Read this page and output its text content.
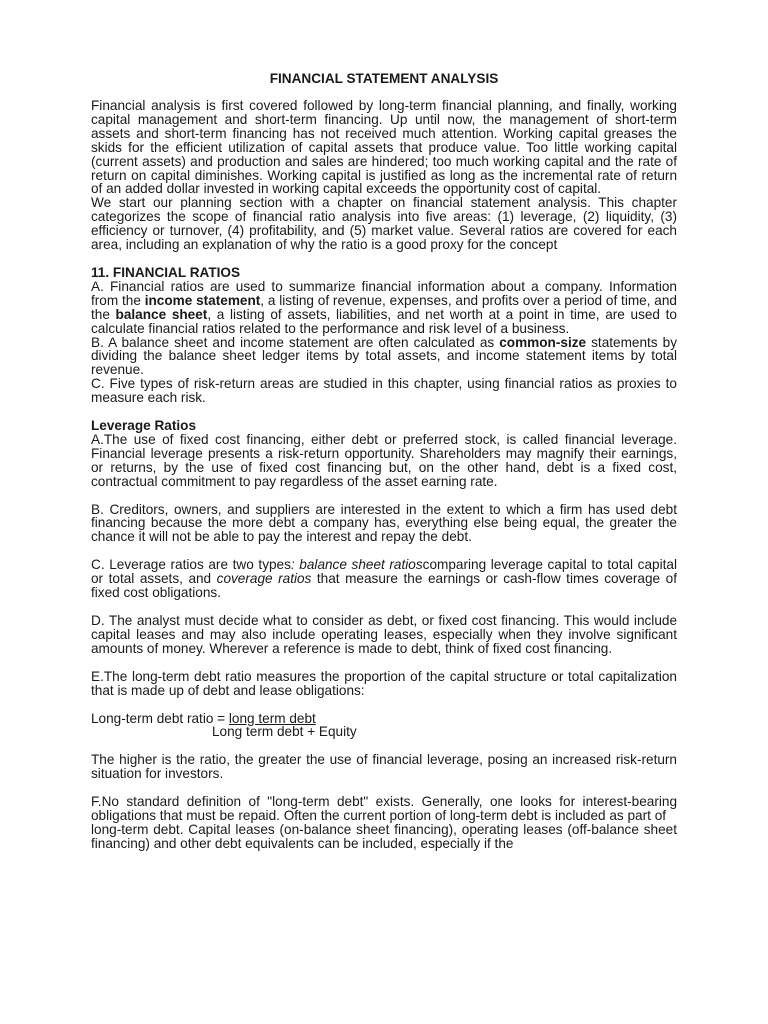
FINANCIAL STATEMENT ANALYSIS

Financial analysis is first covered followed by long-term financial planning, and finally, working capital management and short-term financing. Up until now, the management of short-term assets and short-term financing has not received much attention. Working capital greases the skids for the efficient utilization of capital assets that produce value. Too little working capital (current assets) and production and sales are hindered; too much working capital and the rate of return on capital diminishes. Working capital is justified as long as the incremental rate of return of an added dollar invested in working capital exceeds the opportunity cost of capital.

We start our planning section with a chapter on financial statement analysis. This chapter categorizes the scope of financial ratio analysis into five areas: (1) leverage, (2) liquidity, (3) efficiency or turnover, (4) profitability, and (5) market value. Several ratios are covered for each area, including an explanation of why the ratio is a good proxy for the concept

11. FINANCIAL RATIOS

A. Financial ratios are used to summarize financial information about a company. Information from the income statement, a listing of revenue, expenses, and profits over a period of time, and the balance sheet, a listing of assets, liabilities, and net worth at a point in time, are used to calculate financial ratios related to the performance and risk level of a business.

B. A balance sheet and income statement are often calculated as common-size statements by dividing the balance sheet ledger items by total assets, and income statement items by total revenue.

C. Five types of risk-return areas are studied in this chapter, using financial ratios as proxies to measure each risk.

Leverage Ratios

A.The use of fixed cost financing, either debt or preferred stock, is called financial leverage. Financial leverage presents a risk-return opportunity. Shareholders may magnify their earnings, or returns, by the use of fixed cost financing but, on the other hand, debt is a fixed cost, contractual commitment to pay regardless of the asset earning rate.

B. Creditors, owners, and suppliers are interested in the extent to which a firm has used debt financing because the more debt a company has, everything else being equal, the greater the chance it will not be able to pay the interest and repay the debt.

C. Leverage ratios are two types: balance sheet ratioscomparing leverage capital to total capital or total assets, and coverage ratios that measure the earnings or cash-flow times coverage of fixed cost obligations.

D. The analyst must decide what to consider as debt, or fixed cost financing. This would include capital leases and may also include operating leases, especially when they involve significant amounts of money. Wherever a reference is made to debt, think of fixed cost financing.

E.The long-term debt ratio measures the proportion of the capital structure or total capitalization that is made up of debt and lease obligations:

Long-term debt ratio = long term debt

Long term debt + Equity

The higher is the ratio, the greater the use of financial leverage, posing an increased risk-return situation for investors.

F.No standard definition of "long-term debt" exists. Generally, one looks for interest-bearing obligations that must be repaid. Often the current portion of long-term debt is included as part of

long-term debt. Capital leases (on-balance sheet financing), operating leases (off-balance sheet financing) and other debt equivalents can be included, especially if the
